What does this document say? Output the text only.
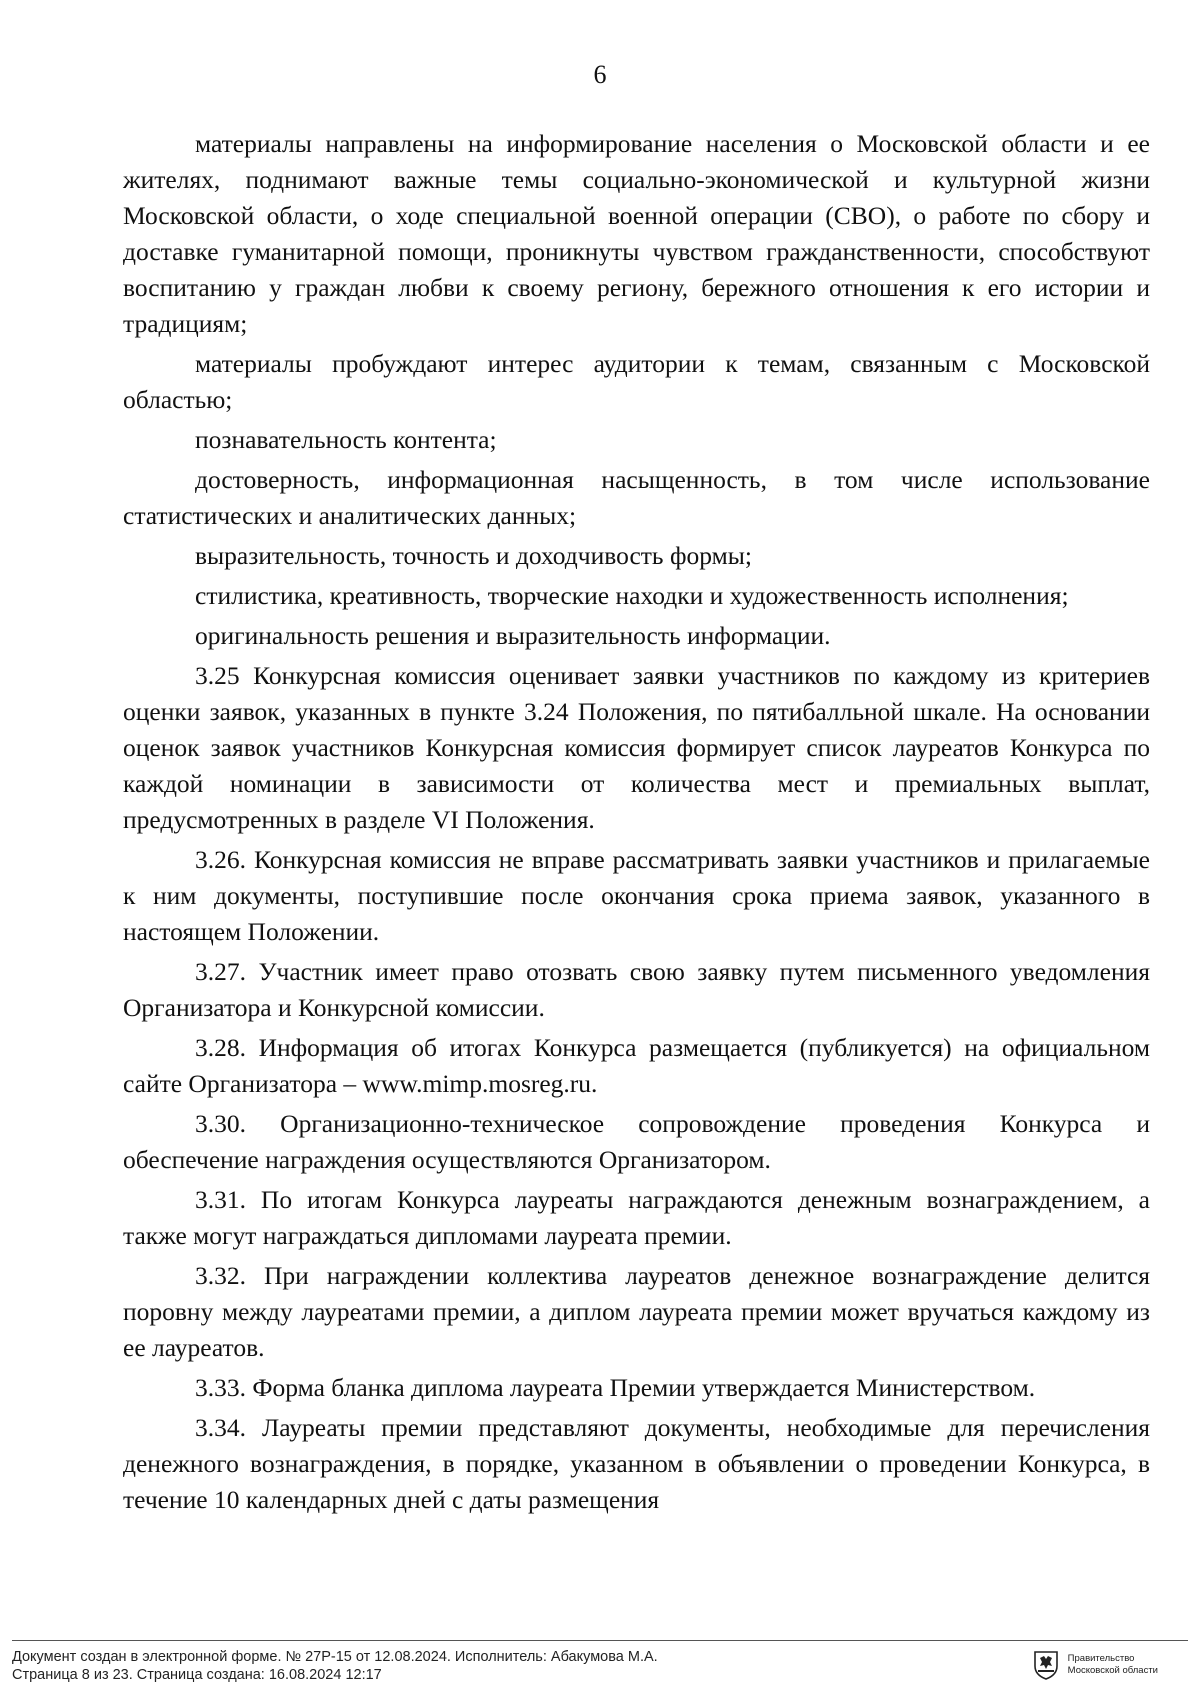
6

материалы направлены на информирование населения о Московской области и ее жителях, поднимают важные темы социально-экономической и культурной жизни Московской области, о ходе специальной военной операции (СВО), о работе по сбору и доставке гуманитарной помощи, проникнуты чувством гражданственности, способствуют воспитанию у граждан любви к своему региону, бережного отношения к его истории и традициям;

материалы пробуждают интерес аудитории к темам, связанным с Московской областью;

познавательность контента;

достоверность, информационная насыщенность, в том числе использование статистических и аналитических данных;

выразительность, точность и доходчивость формы;

стилистика, креативность, творческие находки и художественность исполнения;

оригинальность решения и выразительность информации.

3.25 Конкурсная комиссия оценивает заявки участников по каждому из критериев оценки заявок, указанных в пункте 3.24 Положения, по пятибалльной шкале. На основании оценок заявок участников Конкурсная комиссия формирует список лауреатов Конкурса по каждой номинации в зависимости от количества мест и премиальных выплат, предусмотренных в разделе VI Положения.

3.26. Конкурсная комиссия не вправе рассматривать заявки участников и прилагаемые к ним документы, поступившие после окончания срока приема заявок, указанного в настоящем Положении.

3.27. Участник имеет право отозвать свою заявку путем письменного уведомления Организатора и Конкурсной комиссии.

3.28. Информация об итогах Конкурса размещается (публикуется) на официальном сайте Организатора – www.mimp.mosreg.ru.

3.30. Организационно-техническое сопровождение проведения Конкурса и обеспечение награждения осуществляются Организатором.

3.31. По итогам Конкурса лауреаты награждаются денежным вознаграждением, а также могут награждаться дипломами лауреата премии.

3.32. При награждении коллектива лауреатов денежное вознаграждение делится поровну между лауреатами премии, а диплом лауреата премии может вручаться каждому из ее лауреатов.

3.33. Форма бланка диплома лауреата Премии утверждается Министерством.

3.34. Лауреаты премии представляют документы, необходимые для перечисления денежного вознаграждения, в порядке, указанном в объявлении о проведении Конкурса, в течение 10 календарных дней с даты размещения

Документ создан в электронной форме. № 27Р-15 от 12.08.2024. Исполнитель: Абакумова М.А.
Страница 8 из 23. Страница создана: 16.08.2024 12:17
Правительство
Московской области
